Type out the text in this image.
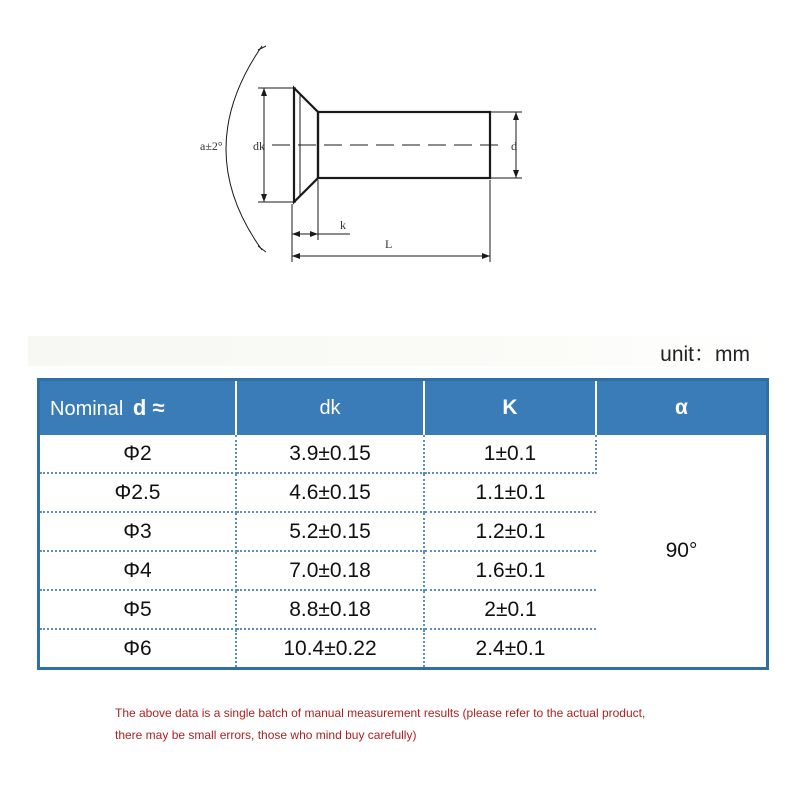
a±2°	dk	d
k
L
unit：mm
Nominal d ≈	dk	K	α
Φ2	3.9±0.15	1±0.1	90°
Φ2.5	4.6±0.15	1.1±0.1	
Φ3	5.2±0.15	1.2±0.1	
Φ4	7.0±0.18	1.6±0.1	
Φ5	8.8±0.18	2±0.1	
Φ6	10.4±0.22	2.4±0.1	
The above data is a single batch of manual measurement results (please refer to the actual product,
there may be small errors, those who mind buy carefully)
